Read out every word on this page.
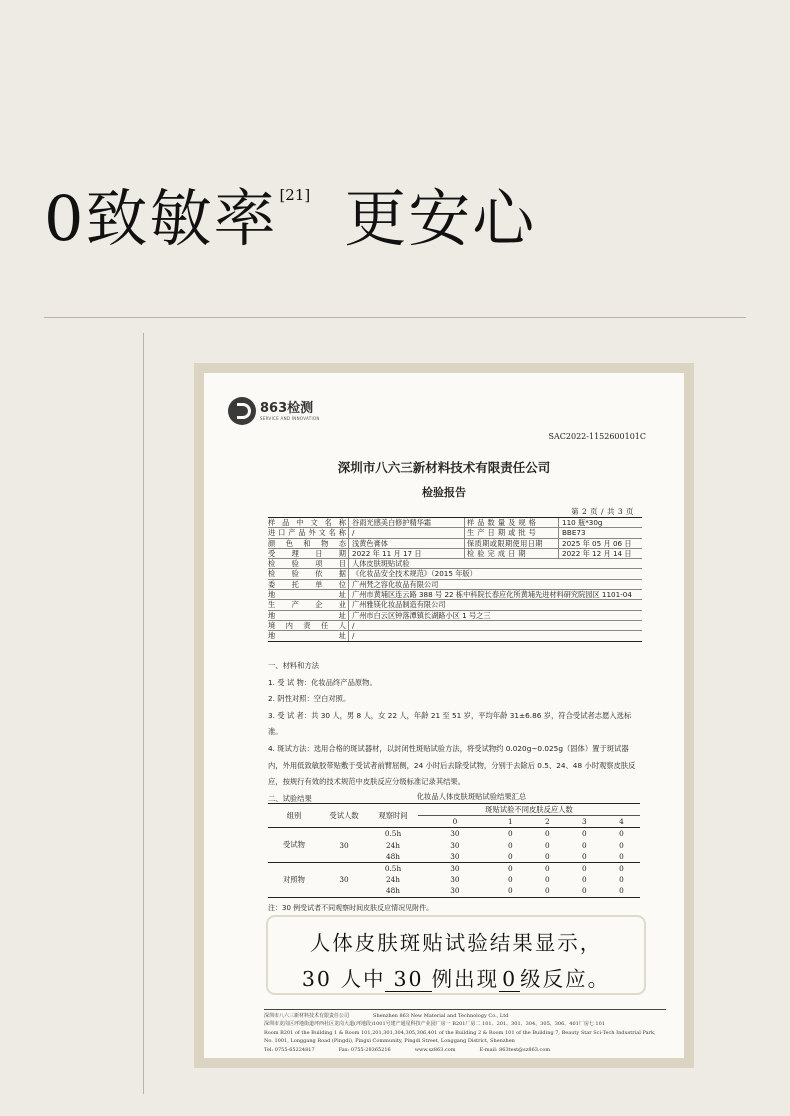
0致敏率 [21] 更安心
863检测
SERVICE AND INNOVATION
SAC2022-1152600101C
深圳市八六三新材料技术有限责任公司
检验报告
第 2 页 / 共 3 页
样 品 中 文 名 称 谷雨光感美白修护精华霜	样 品 数 量 及 规 格	110 瓶*30g
进 口 产 品 外 文 名 称 /	生 产 日 期 或 批 号	BBE73
颜 色 和 物 态 浅黄色膏体	保质期或限期使用日期	2025 年 05 月 06 日
受 理 日 期 2022 年 11 月 17 日	检 验 完 成 日 期	2022 年 12 月 14 日
检 验 项 目 人体皮肤斑贴试验
检 验 依 据 《化妆品安全技术规范》（2015 年版）
委 托 单 位 广州梵之容化妆品有限公司
地	址 广州市黄埔区连云路 388 号 22 栋中科院长春应化所黄埔先进材料研究院园区 1101-04
生 产 企 业 广州雅镁化妆品制造有限公司
地	址 广州市白云区钟落潭镇长湖路小区 1 号之三
境 内 责 任 人 /
地	址 /

一、材料和方法

1. 受 试 物：化妆品终产品原物。

2. 阴性对照：空白对照。

3. 受 试 者：共 30 人，男 8 人，女 22 人，年龄 21 至 51 岁，平均年龄 31±6.86 岁，符合受试者志愿入选标准。

4. 斑试方法：选用合格的斑试器材，以封闭性斑贴试验方法，将受试物约 0.020g~0.025g（固体）置于斑试器内，外用低致敏胶带贴敷于受试者前臂屈侧，24 小时后去除受试物，分别于去除后 0.5、24、48 小时观察皮肤反应，按规行有效的技术规范中皮肤反应分级标准记录其结果。

二、试验结果	化妆品人体皮肤斑贴试验结果汇总
组别	受试人数	观察时间	斑贴试验不同皮肤反应人数				
			0	1	2	3	4
受试物	30	0.5h	30	0	0	0	0
		24h	30	0	0	0	0
		48h	30	0	0	0	0
对照物	30	0.5h	30	0	0	0	0
		24h	30	0	0	0	0
		48h	30	0	0	0	0
注：30 例受试者不同观察时间皮肤反应情况见附件。
人体皮肤斑贴试验结果显示，
30 人中 30 例出现 0 级反应。
深圳市八六三新材料技术有限责任公司	Shenzhen 863 New Material and Technology Co., Ltd
深圳市龙岗区坪地街道坪西社区龙岗大道(坪地段)1001号建产通星科技产业园厂房一 B201厂房二 101、201、301、304、305、306、401厂房七 101
Room B201 of the Building 1 & Room 101,201,301,304,305,306,401 of the Building 2 & Room 101 of the Building 7, Beauty Star Sci-Tech Industrial Park,
No. 1001, Longgang Road (Pingdi), Pingxi Community, Pingdi Street, Longgang District, Shenzhen
Tel: 0755-65224817	Fax: 0755-28365216	www.sz863.com	E-mail: 863test@sz863.com
